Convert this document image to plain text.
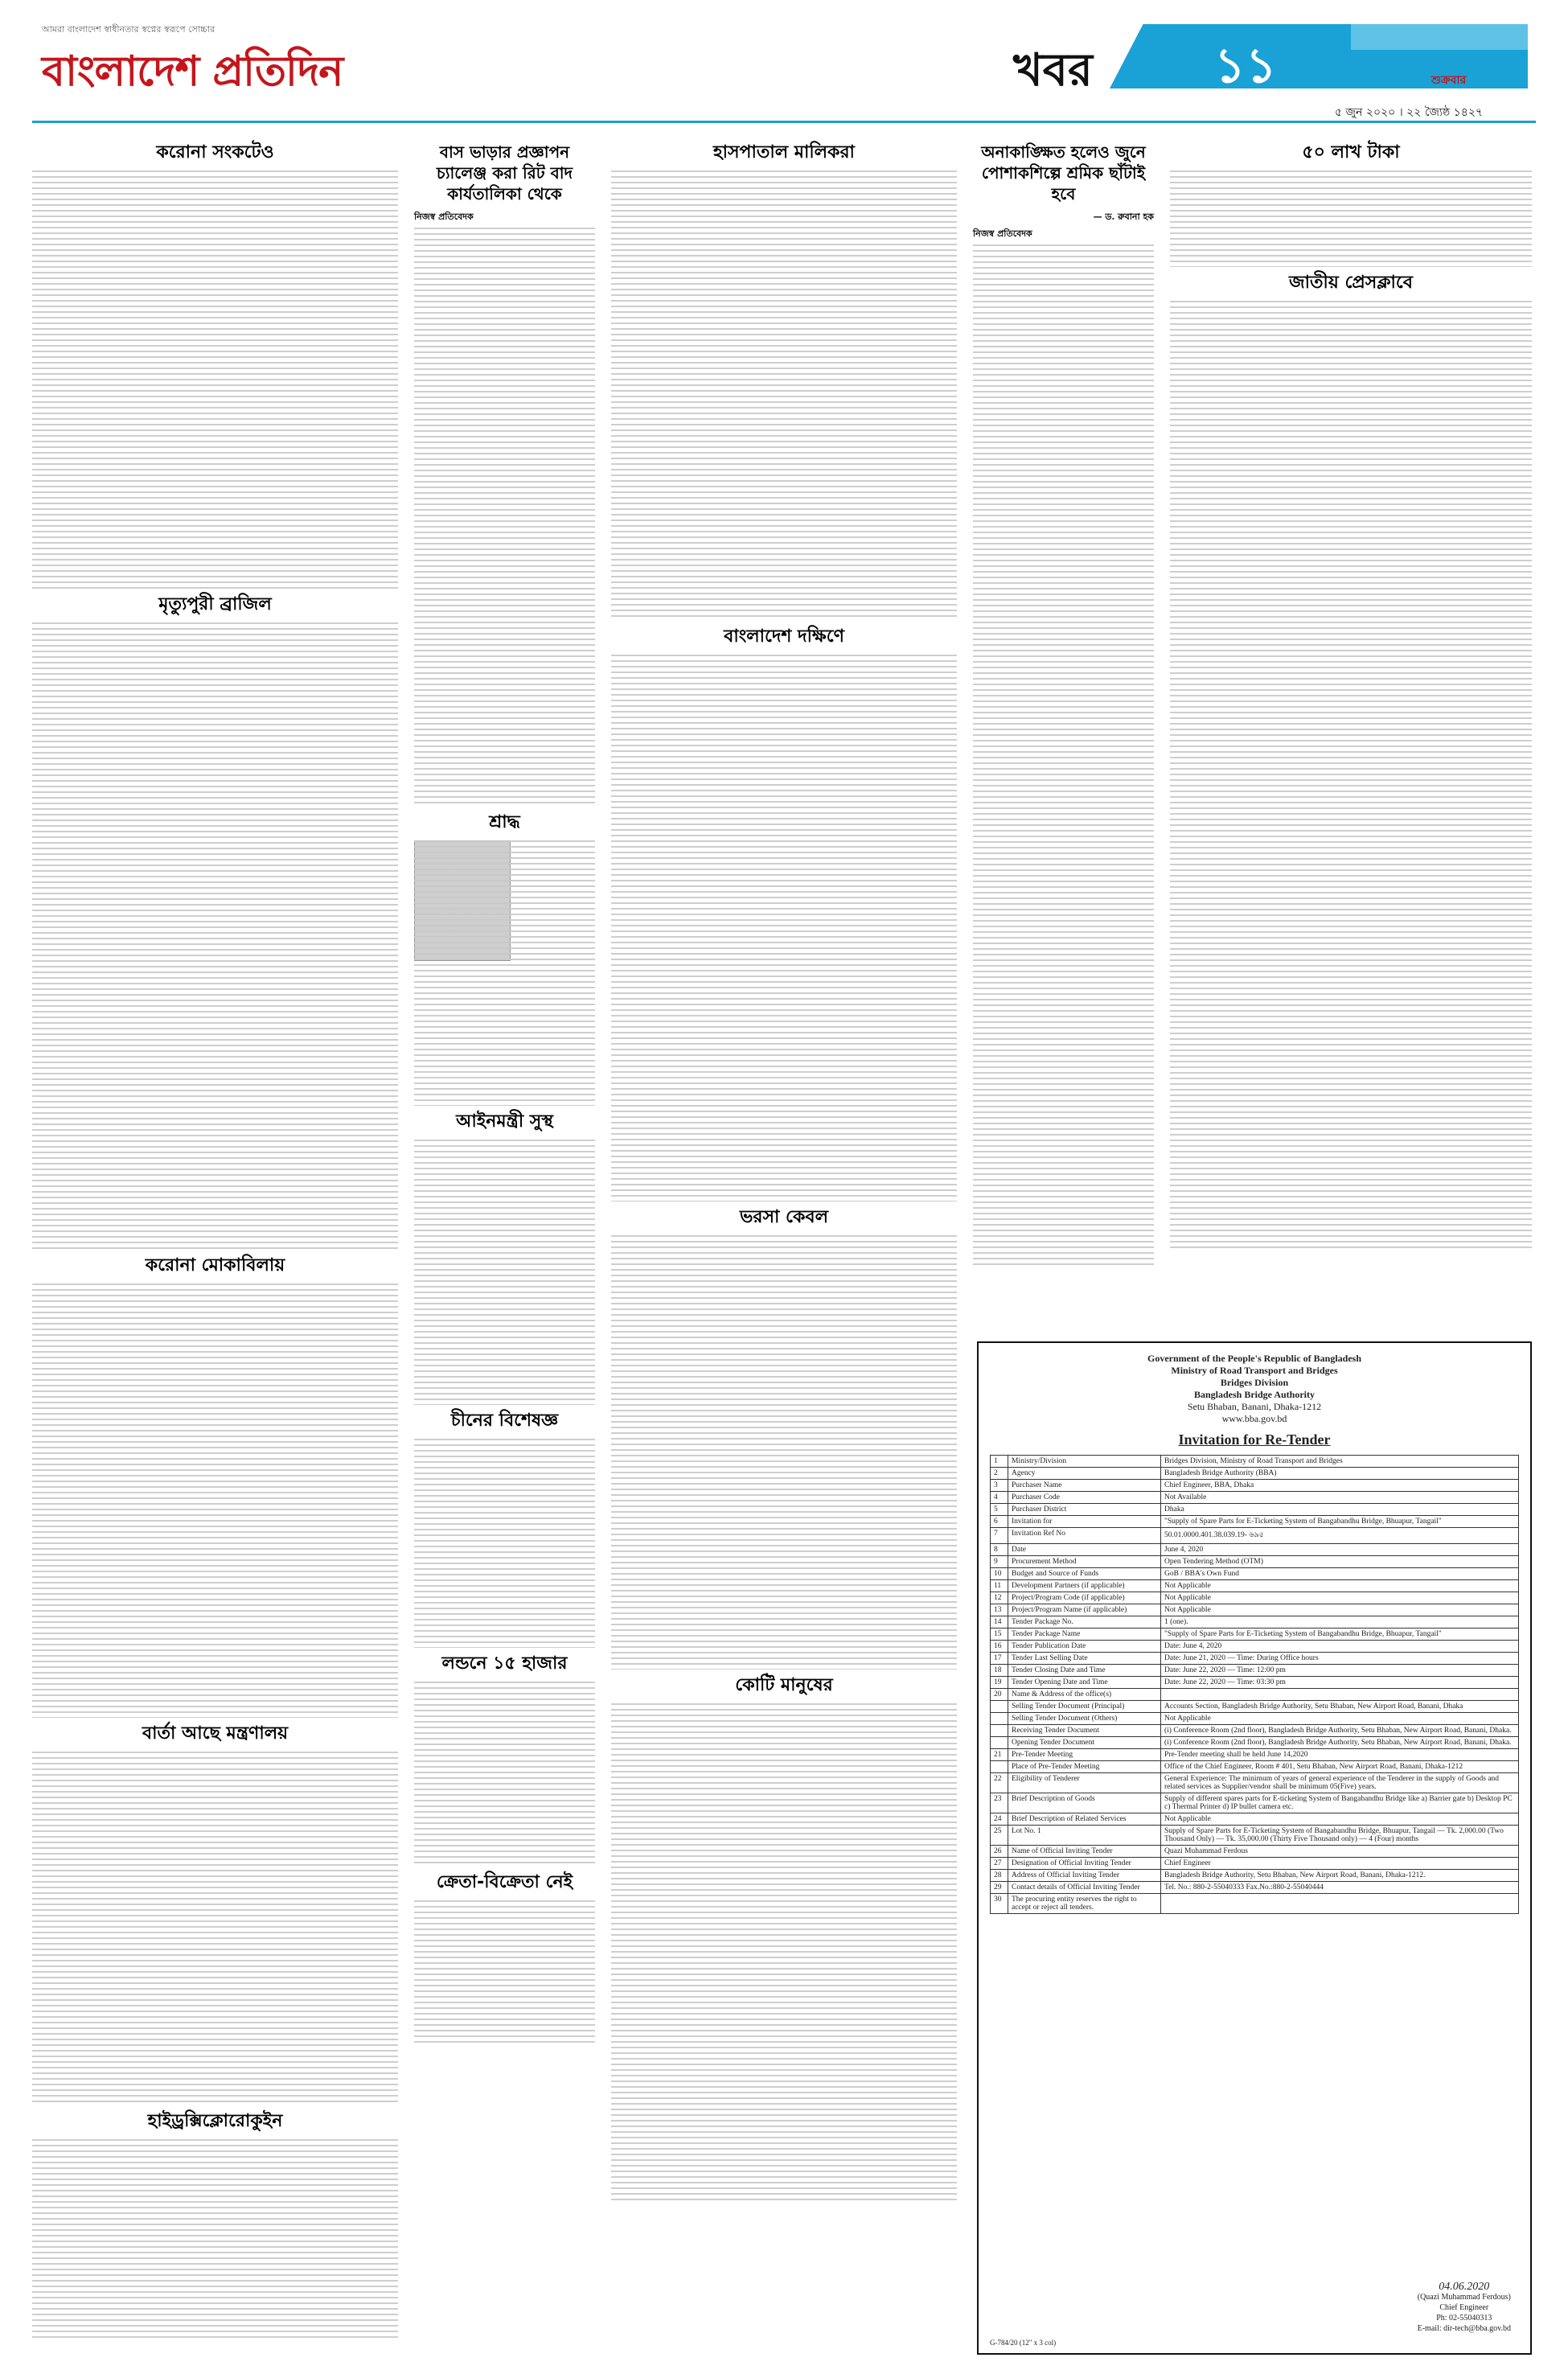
আমরা বাংলাদেশ স্বাধীনতার স্বপ্নের স্বরূপে সোচ্চার
বাংলাদেশ প্রতিদিন	খবর	১১	শুক্রবার
৫ জুন ২০২০ । ২২ জ্যৈষ্ঠ ১৪২৭
করোনা সংকটেও
মৃত্যুপুরী ব্রাজিল
করোনা মোকাবিলায়
বার্তা আছে মন্ত্রণালয়
হাইড্রক্সিক্লোরোকুইন
বাস ভাড়ার প্রজ্ঞাপন চ্যালেঞ্জ করা রিট বাদ কার্যতালিকা থেকে
নিজস্ব প্রতিবেদক
শ্রাদ্ধ
আইনমন্ত্রী সুস্থ
চীনের বিশেষজ্ঞ
লন্ডনে ১৫ হাজার
ক্রেতা-বিক্রেতা নেই
হাসপাতাল মালিকরা
বাংলাদেশ দক্ষিণে
ভরসা কেবল
কোটি মানুষের
অনাকাঙ্ক্ষিত হলেও জুনে পোশাকশিল্পে শ্রমিক ছাঁটাই হবে
— ড. রুবানা হক
নিজস্ব প্রতিবেদক
৫০ লাখ টাকা
জাতীয় প্রেসক্লাবে
Government of the People's Republic of Bangladesh
Ministry of Road Transport and Bridges
Bridges Division
Bangladesh Bridge Authority
Setu Bhaban, Banani, Dhaka-1212
www.bba.gov.bd
Invitation for Re-Tender
1	Ministry/Division	Bridges Division, Ministry of Road Transport and Bridges
2	Agency	Bangladesh Bridge Authority (BBA)
3	Purchaser Name	Chief Engineer, BBA, Dhaka
4	Purchaser Code	Not Available
5	Purchaser District	Dhaka
6	Invitation for	"Supply of Spare Parts for E-Ticketing System of Bangabandhu Bridge, Bhuapur, Tangail"
7	Invitation Ref No	50.01.0000.401.38.039.19- ৬৯৫
8	Date	June 4, 2020
9	Procurement Method	Open Tendering Method (OTM)
10	Budget and Source of Funds	GoB / BBA's Own Fund
11	Development Partners (if applicable)	Not Applicable
12	Project/Program Code (if applicable)	Not Applicable
13	Project/Program Name (if applicable)	Not Applicable
14	Tender Package No.	1 (one).
15	Tender Package Name	"Supply of Spare Parts for E-Ticketing System of Bangabandhu Bridge, Bhuapur, Tangail"
16	Tender Publication Date	Date: June 4, 2020
17	Tender Last Selling Date	Date: June 21, 2020 — Time: During Office hours
18	Tender Closing Date and Time	Date: June 22, 2020 — Time: 12:00 pm
19	Tender Opening Date and Time	Date: June 22, 2020 — Time: 03:30 pm
20	Name & Address of the office(s)	
	Selling Tender Document (Principal)	Accounts Section, Bangladesh Bridge Authority, Setu Bhaban, New Airport Road, Banani, Dhaka
	Selling Tender Document (Others)	Not Applicable
	Receiving Tender Document	(i) Conference Room (2nd floor), Bangladesh Bridge Authority, Setu Bhaban, New Airport Road, Banani, Dhaka.
	Opening Tender Document	(i) Conference Room (2nd floor), Bangladesh Bridge Authority, Setu Bhaban, New Airport Road, Banani, Dhaka.
21	Pre-Tender Meeting	Pre-Tender meeting shall be held June 14,2020
	Place of Pre-Tender Meeting	Office of the Chief Engineer, Room # 401, Setu Bhaban, New Airport Road, Banani, Dhaka-1212
22	Eligibility of Tenderer	General Experience: The minimum of years of general experience of the Tenderer in the supply of Goods and related services as Supplier/vendor shall be minimum 05(Five) years.
23	Brief Description of Goods	Supply of different spares parts for E-ticketing System of Bangabandhu Bridge like a) Barrier gate b) Desktop PC c) Thermal Printer d) IP bullet camera etc.
24	Brief Description of Related Services	Not Applicable
25	Lot No. 1	Supply of Spare Parts for E-Ticketing System of Bangabandhu Bridge, Bhuapur, Tangail — Tk. 2,000.00 (Two Thousand Only) — Tk. 35,000.00 (Thirty Five Thousand only) — 4 (Four) months
26	Name of Official Inviting Tender	Quazi Muhammad Ferdous
27	Designation of Official Inviting Tender	Chief Engineer
28	Address of Official Inviting Tender	Bangladesh Bridge Authority, Setu Bhaban, New Airport Road, Banani, Dhaka-1212.
29	Contact details of Official Inviting Tender	Tel. No.: 880-2-55040333 Fax.No.:880-2-55040444
30	The procuring entity reserves the right to accept or reject all tenders.	
04.06.2020
(Quazi Muhammad Ferdous)
Chief Engineer
Ph: 02-55040313
E-mail: dir-tech@bba.gov.bd
G-784/20 (12" x 3 col)
